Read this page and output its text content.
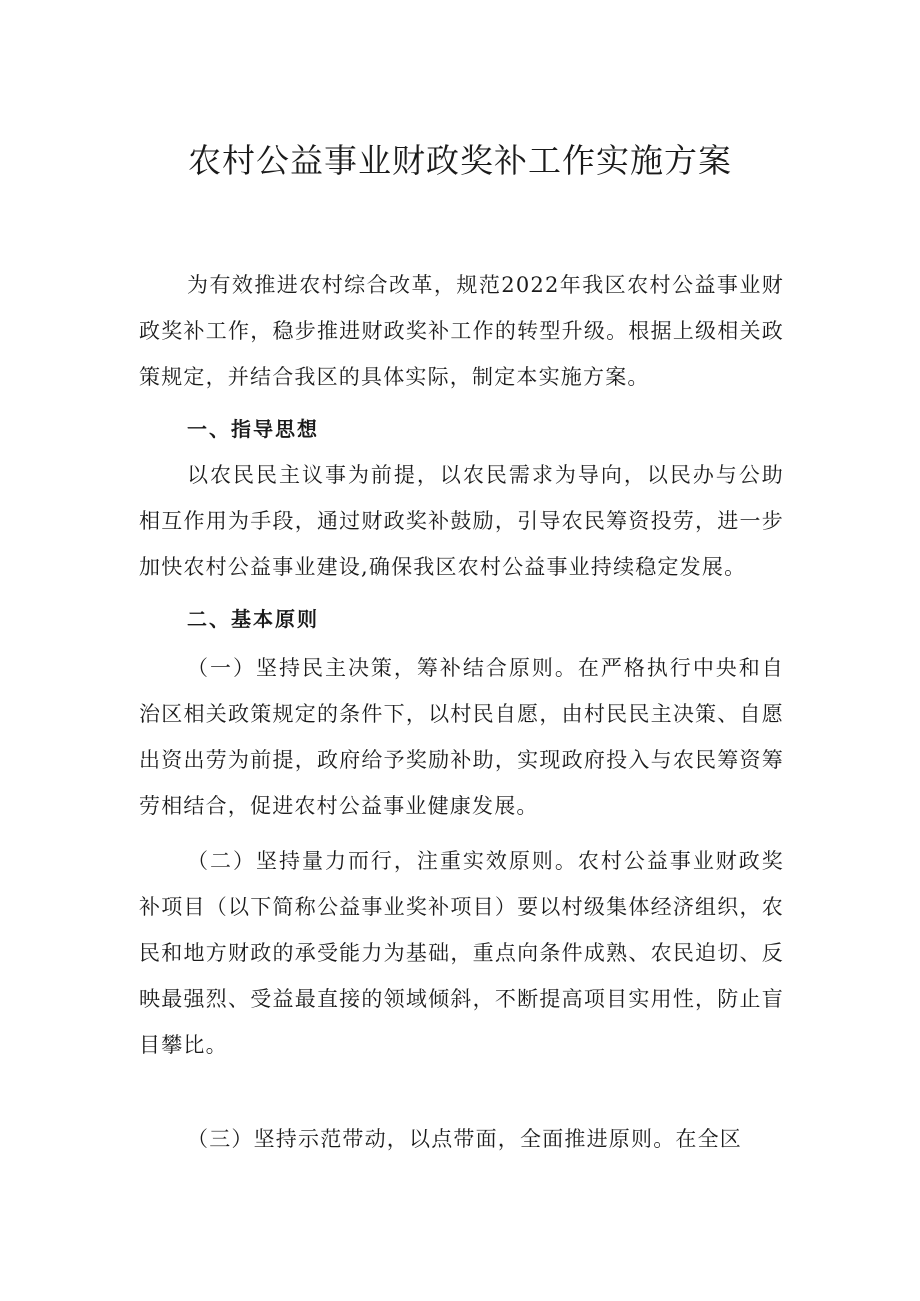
农村公益事业财政奖补工作实施方案

为有效推进农村综合改革，规范2022年我区农村公益事业财政奖补工作，稳步推进财政奖补工作的转型升级。根据上级相关政策规定，并结合我区的具体实际，制定本实施方案。

一、指导思想

以农民民主议事为前提，以农民需求为导向，以民办与公助相互作用为手段，通过财政奖补鼓励，引导农民筹资投劳，进一步加快农村公益事业建设,确保我区农村公益事业持续稳定发展。

二、基本原则

（一）坚持民主决策，筹补结合原则。在严格执行中央和自治区相关政策规定的条件下，以村民自愿，由村民民主决策、自愿出资出劳为前提，政府给予奖励补助，实现政府投入与农民筹资筹劳相结合，促进农村公益事业健康发展。

（二）坚持量力而行，注重实效原则。农村公益事业财政奖补项目（以下简称公益事业奖补项目）要以村级集体经济组织，农民和地方财政的承受能力为基础，重点向条件成熟、农民迫切、反映最强烈、受益最直接的领域倾斜，不断提高项目实用性，防止盲目攀比。

（三）坚持示范带动，以点带面，全面推进原则。在全区
